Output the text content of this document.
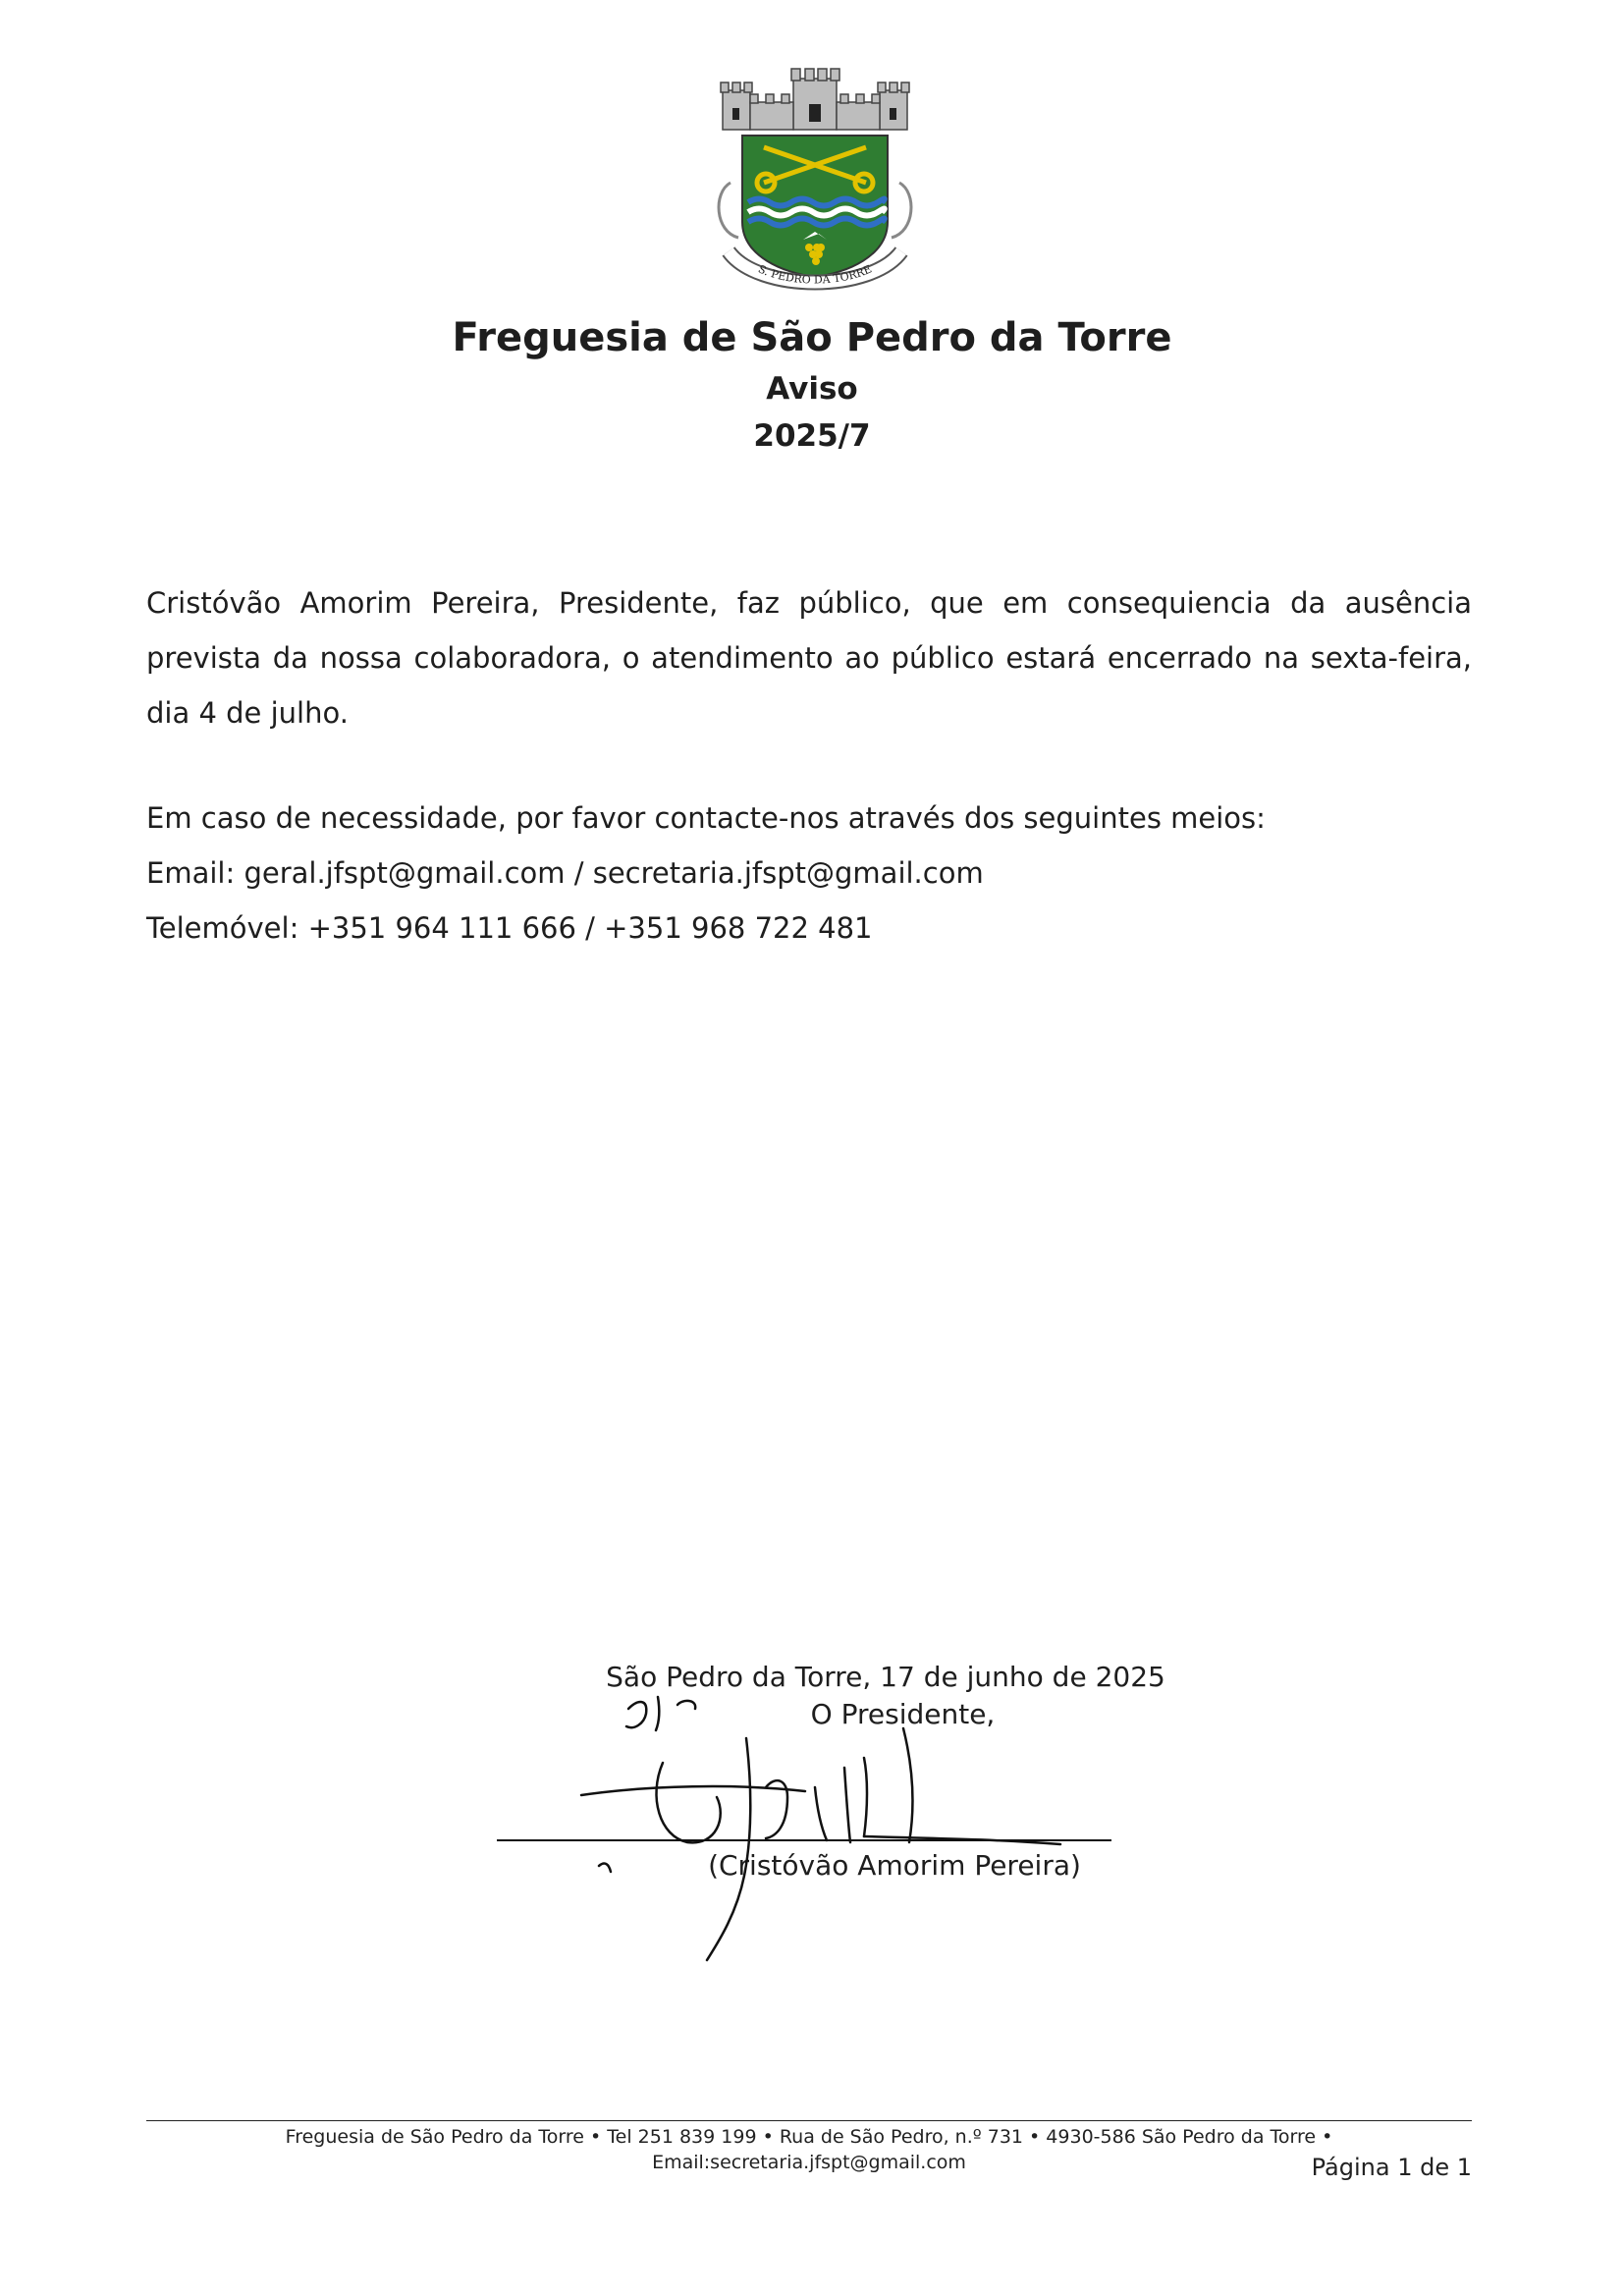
S. PEDRO DA TORRE
Freguesia de São Pedro da Torre
Aviso
2025/7
Cristóvão Amorim Pereira, Presidente, faz público, que em consequiencia da ausência prevista da nossa colaboradora, o atendimento ao público estará encerrado na sexta-feira, dia 4 de julho.
Em caso de necessidade, por favor contacte-nos através dos seguintes meios:
Email: geral.jfspt@gmail.com / secretaria.jfspt@gmail.com
Telemóvel: +351 964 111 666 / +351 968 722 481
São Pedro da Torre, 17 de junho de 2025
O Presidente,
(Cristóvão Amorim Pereira)
Freguesia de São Pedro da Torre • Tel 251 839 199 • Rua de São Pedro, n.º 731 • 4930-586 São Pedro da Torre • Email:secretaria.jfspt@gmail.com	Página 1 de 1
